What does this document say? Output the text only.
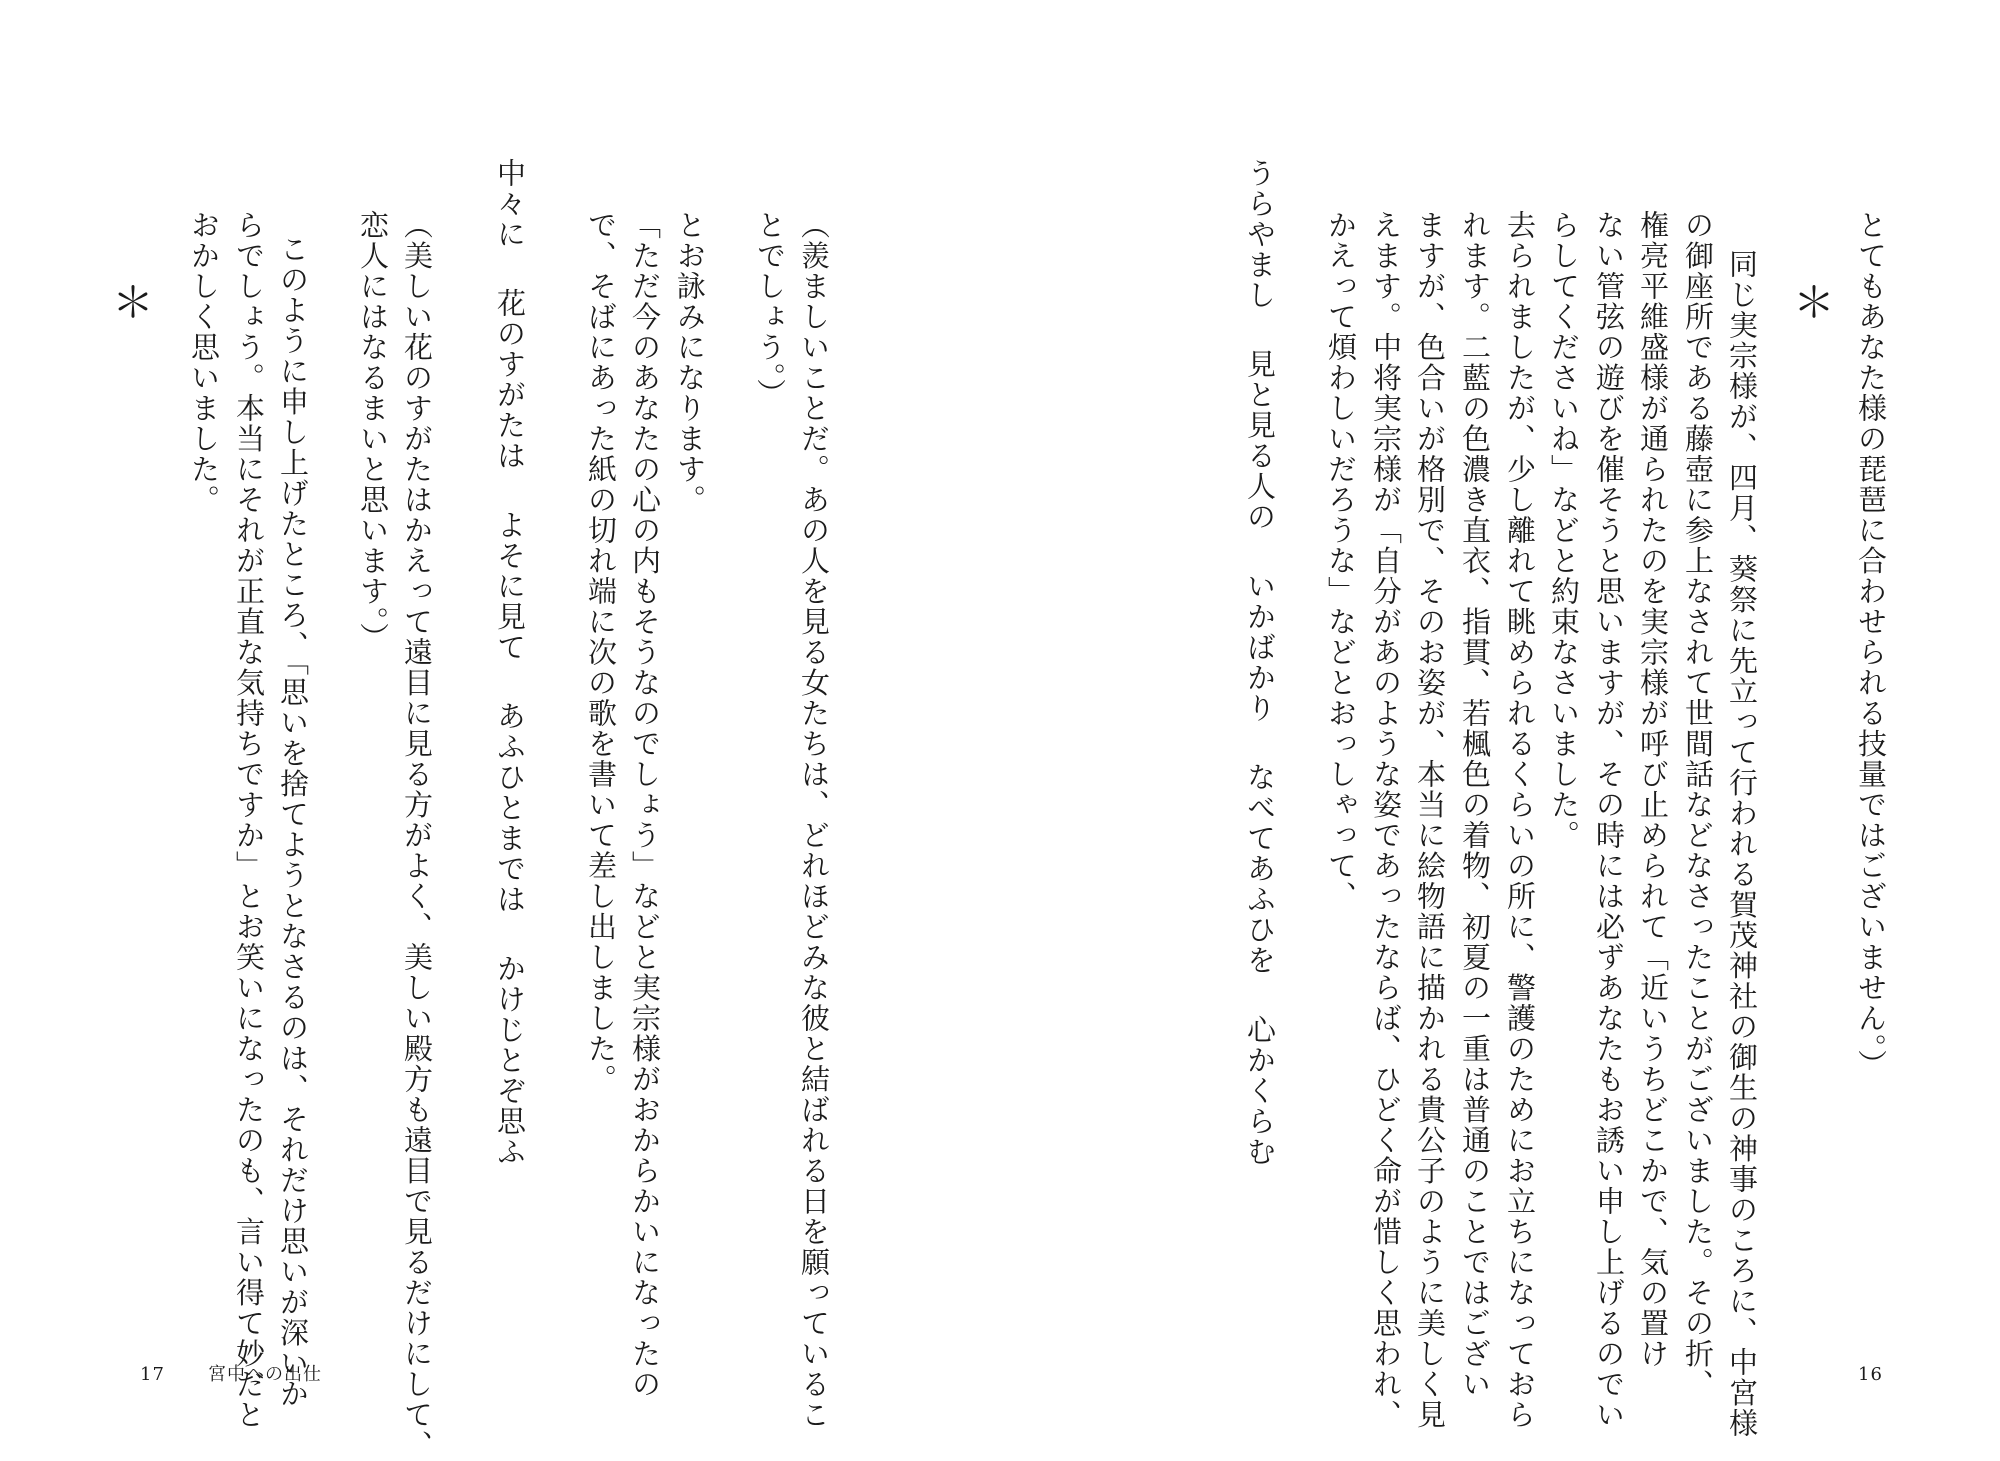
とてもあなた様の琵琶に合わせられる技量ではございません。）
＊
同じ実宗様が、四月、葵祭に先立って行われる賀茂神社の御生の神事のころに、中宮様
の御座所である藤壺に参上なされて世間話などなさったことがございました。その折、
権亮平維盛様が通られたのを実宗様が呼び止められて「近いうちどこかで、気の置け
ない管弦の遊びを催そうと思いますが、その時には必ずあなたもお誘い申し上げるのでい
らしてくださいね」などと約束なさいました。
去られましたが、少し離れて眺められるくらいの所に、警護のためにお立ちになっておら
れます。二藍の色濃き直衣、指貫、若楓色の着物、初夏の一重は普通のことではござい
ますが、色合いが格別で、そのお姿が、本当に絵物語に描かれる貴公子のように美しく見
えます。中将実宗様が「自分があのような姿であったならば、ひどく命が惜しく思われ、
かえって煩わしいだろうな」などとおっしゃって、
うらやまし 見と見る人の いかばかり なべてあふひを 心かくらむ
16
（羨ましいことだ。あの人を見る女たちは、どれほどみな彼と結ばれる日を願っているこ
とでしょう。）
とお詠みになります。
「ただ今のあなたの心の内もそうなのでしょう」などと実宗様がおからかいになったの
で、そばにあった紙の切れ端に次の歌を書いて差し出しました。
中々に 花のすがたは よそに見て あふひとまでは かけじとぞ思ふ
（美しい花のすがたはかえって遠目に見る方がよく、美しい殿方も遠目で見るだけにして、
恋人にはなるまいと思います。）
このように申し上げたところ、「思いを捨てようとなさるのは、それだけ思いが深いか
らでしょう。本当にそれが正直な気持ちですか」とお笑いになったのも、言い得て妙だと
おかしく思いました。
＊
17 宮中への出仕
